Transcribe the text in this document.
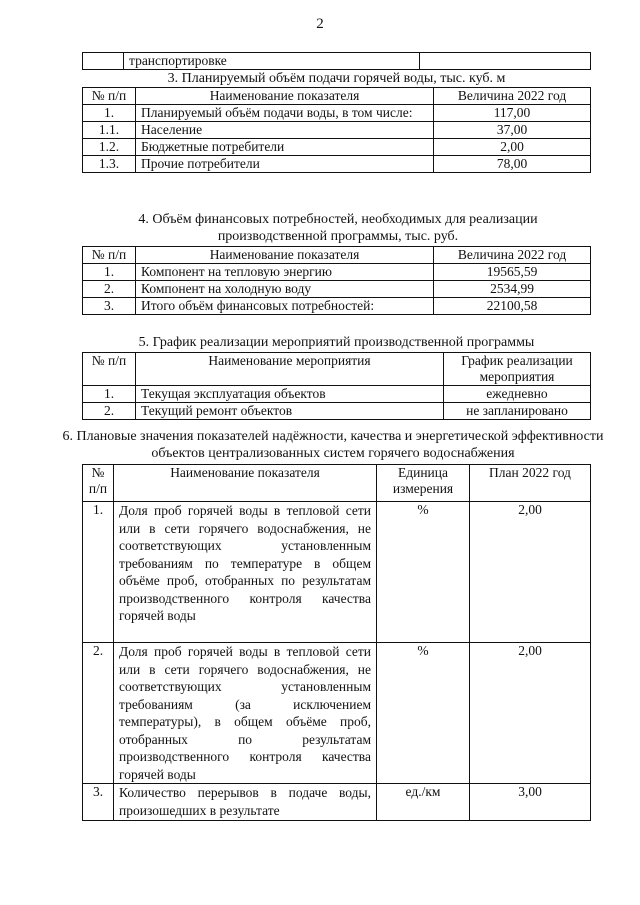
2
	транспортировке	
3. Планируемый объём подачи горячей воды, тыс. куб. м
№ п/п	Наименование показателя	Величина 2022 год
1.	Планируемый объём подачи воды, в том числе:	117,00
1.1.	Население	37,00
1.2.	Бюджетные потребители	2,00
1.3.	Прочие потребители	78,00
4. Объём финансовых потребностей, необходимых для реализации производственной программы, тыс. руб.
№ п/п	Наименование показателя	Величина 2022 год
1.	Компонент на тепловую энергию	19565,59
2.	Компонент на холодную воду	2534,99
3.	Итого объём финансовых потребностей:	22100,58
5. График реализации мероприятий производственной программы
№ п/п	Наименование мероприятия	График реализации мероприятия
1.	Текущая эксплуатация объектов	ежедневно
2.	Текущий ремонт объектов	не запланировано
6. Плановые значения показателей надёжности, качества и энергетической эффективности объектов централизованных систем горячего водоснабжения
№ п/п	Наименование показателя	Единица измерения	План 2022 год
1.	Доля проб горячей воды в тепловой сети или в сети горячего водоснабжения, не соответствующих установленным требованиям по температуре в общем объёме проб, отобранных по результатам производственного контроля качества горячей воды	%	2,00
2.	Доля проб горячей воды в тепловой сети или в сети горячего водоснабжения, не соответствующих установленным требованиям (за исключением температуры), в общем объёме проб, отобранных по результатам производственного контроля качества горячей воды	%	2,00
3.	Количество перерывов в подаче воды, произошедших в результате	ед./км	3,00
